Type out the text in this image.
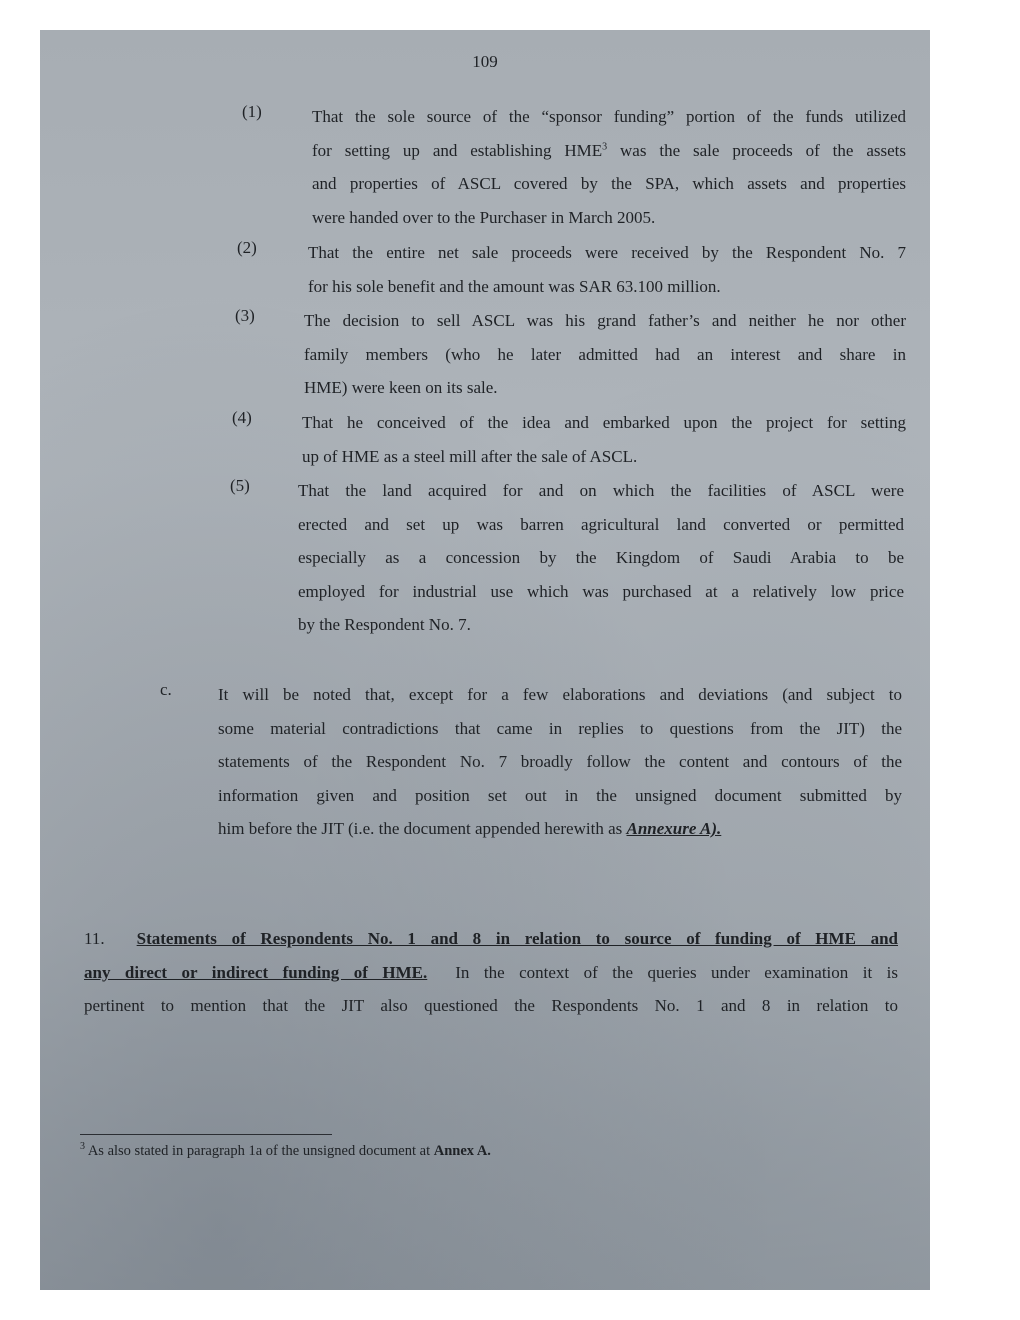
109
(1)	That the sole source of the “sponsor funding” portion of the funds utilized
for setting up and establishing HME$^3$ was the sale proceeds of the assets
and properties of ASCL covered by the SPA, which assets and properties
were handed over to the Purchaser in March 2005.
(2)	That the entire net sale proceeds were received by the Respondent No. 7
for his sole benefit and the amount was SAR 63.100 million.
(3)	The decision to sell ASCL was his grand father’s and neither he nor other
family members (who he later admitted had an interest and share in
HME) were keen on its sale.
(4)	That he conceived of the idea and embarked upon the project for setting
up of HME as a steel mill after the sale of ASCL.
(5)	That the land acquired for and on which the facilities of ASCL were
erected and set up was barren agricultural land converted or permitted
especially as a concession by the Kingdom of Saudi Arabia to be
employed for industrial use which was purchased at a relatively low price
by the Respondent No. 7.
c.	It will be noted that, except for a few elaborations and deviations (and subject to
some material contradictions that came in replies to questions from the JIT) the
statements of the Respondent No. 7 broadly follow the content and contours of the
information given and position set out in the unsigned document submitted by
him before the JIT (i.e. the document appended herewith as Annexure A).
11. Statements of Respondents No. 1 and 8 in relation to source of funding of HME and
any direct or indirect funding of HME. In the context of the queries under examination it is
pertinent to mention that the JIT also questioned the Respondents No. 1 and 8 in relation to
$^3$ As also stated in paragraph 1a of the unsigned document at Annex A.
